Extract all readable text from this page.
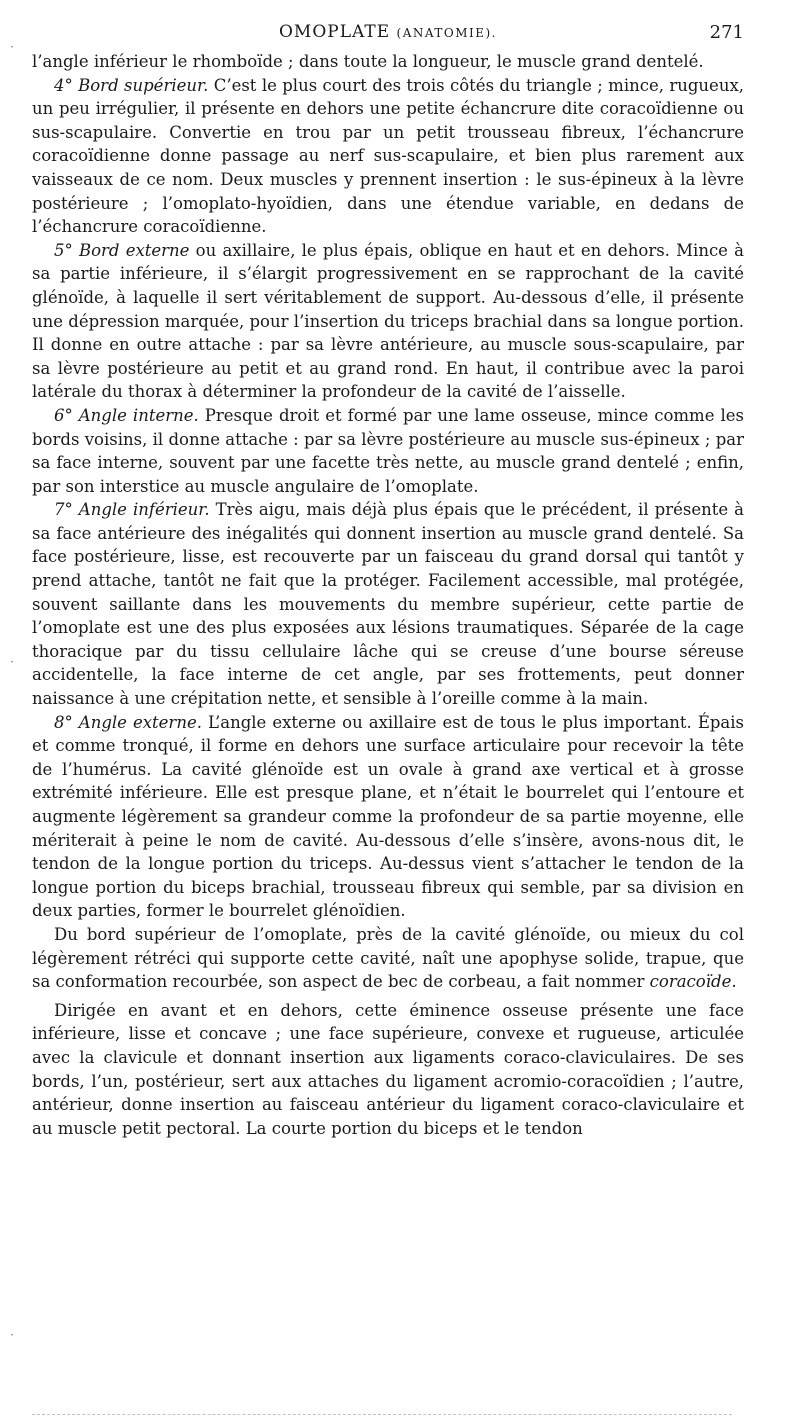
OMOPLATE (ANATOMIE).	271

l’angle inférieur le rhomboïde ; dans toute la longueur, le muscle grand dentelé.

4° Bord supérieur. C’est le plus court des trois côtés du triangle ; mince, rugueux, un peu irrégulier, il présente en dehors une petite échancrure dite coracoïdienne ou sus-scapulaire. Convertie en trou par un petit trousseau fibreux, l’échancrure coracoïdienne donne passage au nerf sus-scapulaire, et bien plus rarement aux vaisseaux de ce nom. Deux muscles y prennent insertion : le sus-épineux à la lèvre postérieure ; l’omoplato-hyoïdien, dans une étendue variable, en dedans de l’échancrure coracoïdienne.

5° Bord externe ou axillaire, le plus épais, oblique en haut et en dehors. Mince à sa partie inférieure, il s’élargit progressivement en se rapprochant de la cavité glénoïde, à laquelle il sert véritablement de support. Au-dessous d’elle, il présente une dépression marquée, pour l’insertion du triceps brachial dans sa longue portion. Il donne en outre attache : par sa lèvre antérieure, au muscle sous-scapulaire, par sa lèvre postérieure au petit et au grand rond. En haut, il contribue avec la paroi latérale du thorax à déterminer la profondeur de la cavité de l’aisselle.

6° Angle interne. Presque droit et formé par une lame osseuse, mince comme les bords voisins, il donne attache : par sa lèvre postérieure au muscle sus-épineux ; par sa face interne, souvent par une facette très nette, au muscle grand dentelé ; enfin, par son interstice au muscle angulaire de l’omoplate.

7° Angle inférieur. Très aigu, mais déjà plus épais que le précédent, il présente à sa face antérieure des inégalités qui donnent insertion au muscle grand dentelé. Sa face postérieure, lisse, est recouverte par un faisceau du grand dorsal qui tantôt y prend attache, tantôt ne fait que la protéger. Facilement accessible, mal protégée, souvent saillante dans les mouvements du membre supérieur, cette partie de l’omoplate est une des plus exposées aux lésions traumatiques. Séparée de la cage thoracique par du tissu cellulaire lâche qui se creuse d’une bourse séreuse accidentelle, la face interne de cet angle, par ses frottements, peut donner naissance à une crépitation nette, et sensible à l’oreille comme à la main.

8° Angle externe. L’angle externe ou axillaire est de tous le plus important. Épais et comme tronqué, il forme en dehors une surface articulaire pour recevoir la tête de l’humérus. La cavité glénoïde est un ovale à grand axe vertical et à grosse extrémité inférieure. Elle est presque plane, et n’était le bourrelet qui l’entoure et augmente légèrement sa grandeur comme la profondeur de sa partie moyenne, elle mériterait à peine le nom de cavité. Au-dessous d’elle s’insère, avons-nous dit, le tendon de la longue portion du triceps. Au-dessus vient s’attacher le tendon de la longue portion du biceps brachial, trousseau fibreux qui semble, par sa division en deux parties, former le bourrelet glénoïdien.

Du bord supérieur de l’omoplate, près de la cavité glénoïde, ou mieux du col légèrement rétréci qui supporte cette cavité, naît une apophyse solide, trapue, que sa conformation recourbée, son aspect de bec de corbeau, a fait nommer coracoïde.

Dirigée en avant et en dehors, cette éminence osseuse présente une face inférieure, lisse et concave ; une face supérieure, convexe et rugueuse, articulée avec la clavicule et donnant insertion aux ligaments coraco-claviculaires. De ses bords, l’un, postérieur, sert aux attaches du ligament acromio-coracoïdien ; l’autre, antérieur, donne insertion au faisceau antérieur du ligament coraco-claviculaire et au muscle petit pectoral. La courte portion du biceps et le tendon

·
·
·
